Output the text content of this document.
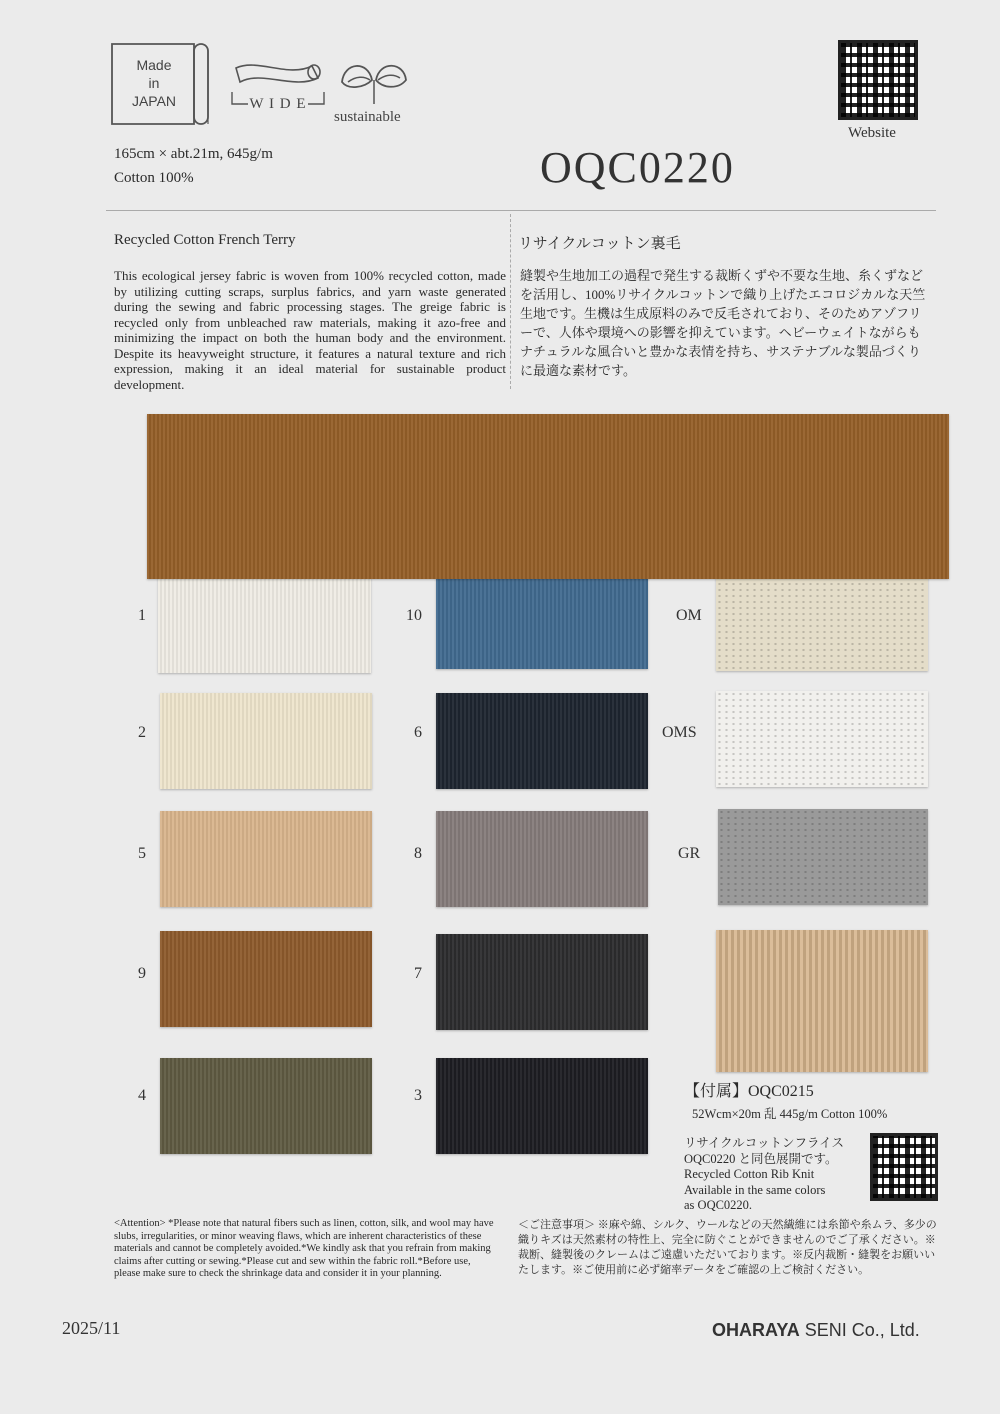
Made
in
JAPAN	W I D E
sustainable
Website
165cm × abt.21m, 645g/m
Cotton 100%	OQC0220
Recycled Cotton French Terry	リサイクルコットン裏毛
This ecological jersey fabric is woven from 100% recycled cotton, made by utilizing cutting scraps, surplus fabrics, and yarn waste generated during the sewing and fabric processing stages. The greige fabric is recycled only from unbleached raw materials, making it azo-free and minimizing the impact on both the human body and the environment. Despite its heavyweight structure, it features a natural texture and rich expression, making it an ideal material for sustainable product development.
縫製や生地加工の過程で発生する裁断くずや不要な生地、糸くずなどを活用し、100%リサイクルコットンで織り上げたエコロジカルな天竺生地です。生機は生成原料のみで反毛されており、そのためアゾフリーで、人体や環境への影響を抑えています。ヘビーウェイトながらもナチュラルな風合いと豊かな表情を持ち、サステナブルな製品づくりに最適な素材です。
1
2
5
9
4
10
6
8
7
3
OM
OMS
GR
【付属】OQC0215
52Wcm×20m 乱 445g/m Cotton 100%
リサイクルコットンフライス
OQC0220 と同色展開です。
Recycled Cotton Rib Knit
Available in the same colors
as OQC0220.
<Attention> *Please note that natural fibers such as linen, cotton, silk, and wool may have slubs, irregularities, or minor weaving flaws, which are inherent characteristics of these materials and cannot be completely avoided.*We kindly ask that you refrain from making claims after cutting or sewing.*Please cut and sew within the fabric roll.*Before use, please make sure to check the shrinkage data and consider it in your planning.
＜ご注意事項＞ ※麻や綿、シルク、ウールなどの天然繊維には糸節や糸ムラ、多少の織りキズは天然素材の特性上、完全に防ぐことができませんのでご了承ください。※裁断、縫製後のクレームはご遠慮いただいております。※反内裁断・縫製をお願いいたします。※ご使用前に必ず縮率データをご確認の上ご検討ください。
2025/11	OHARAYA SENI Co., Ltd.
